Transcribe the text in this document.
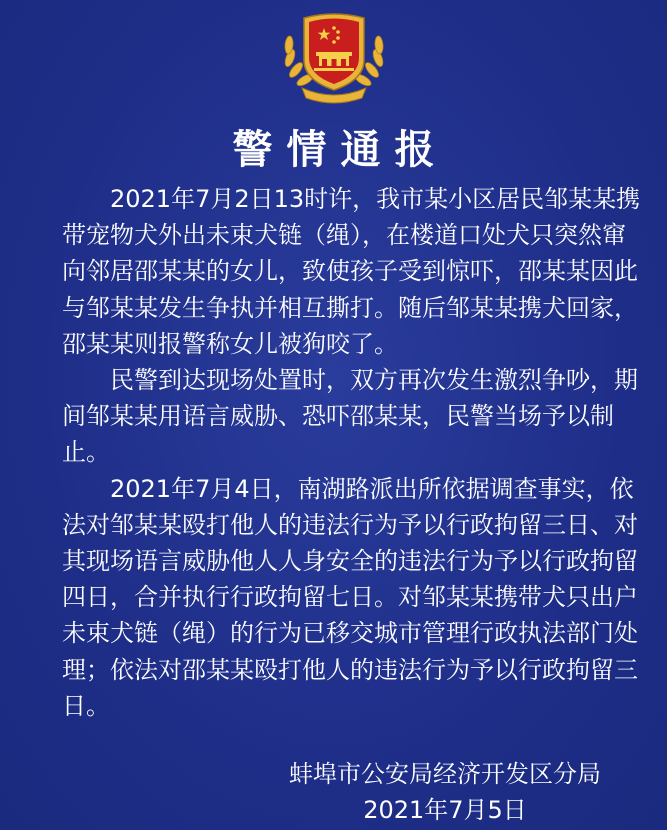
警情通报

2021年7月2日13时许，我市某小区居民邹某某携带宠物犬外出未束犬链（绳），在楼道口处犬只突然窜向邻居邵某某的女儿，致使孩子受到惊吓，邵某某因此与邹某某发生争执并相互撕打。随后邹某某携犬回家，邵某某则报警称女儿被狗咬了。

民警到达现场处置时，双方再次发生激烈争吵，期间邹某某用语言威胁、恐吓邵某某，民警当场予以制止。

2021年7月4日，南湖路派出所依据调查事实，依法对邹某某殴打他人的违法行为予以行政拘留三日、对其现场语言威胁他人人身安全的违法行为予以行政拘留四日，合并执行行政拘留七日。对邹某某携带犬只出户未束犬链（绳）的行为已移交城市管理行政执法部门处理；依法对邵某某殴打他人的违法行为予以行政拘留三日。

蚌埠市公安局经济开发区分局
2021年7月5日
